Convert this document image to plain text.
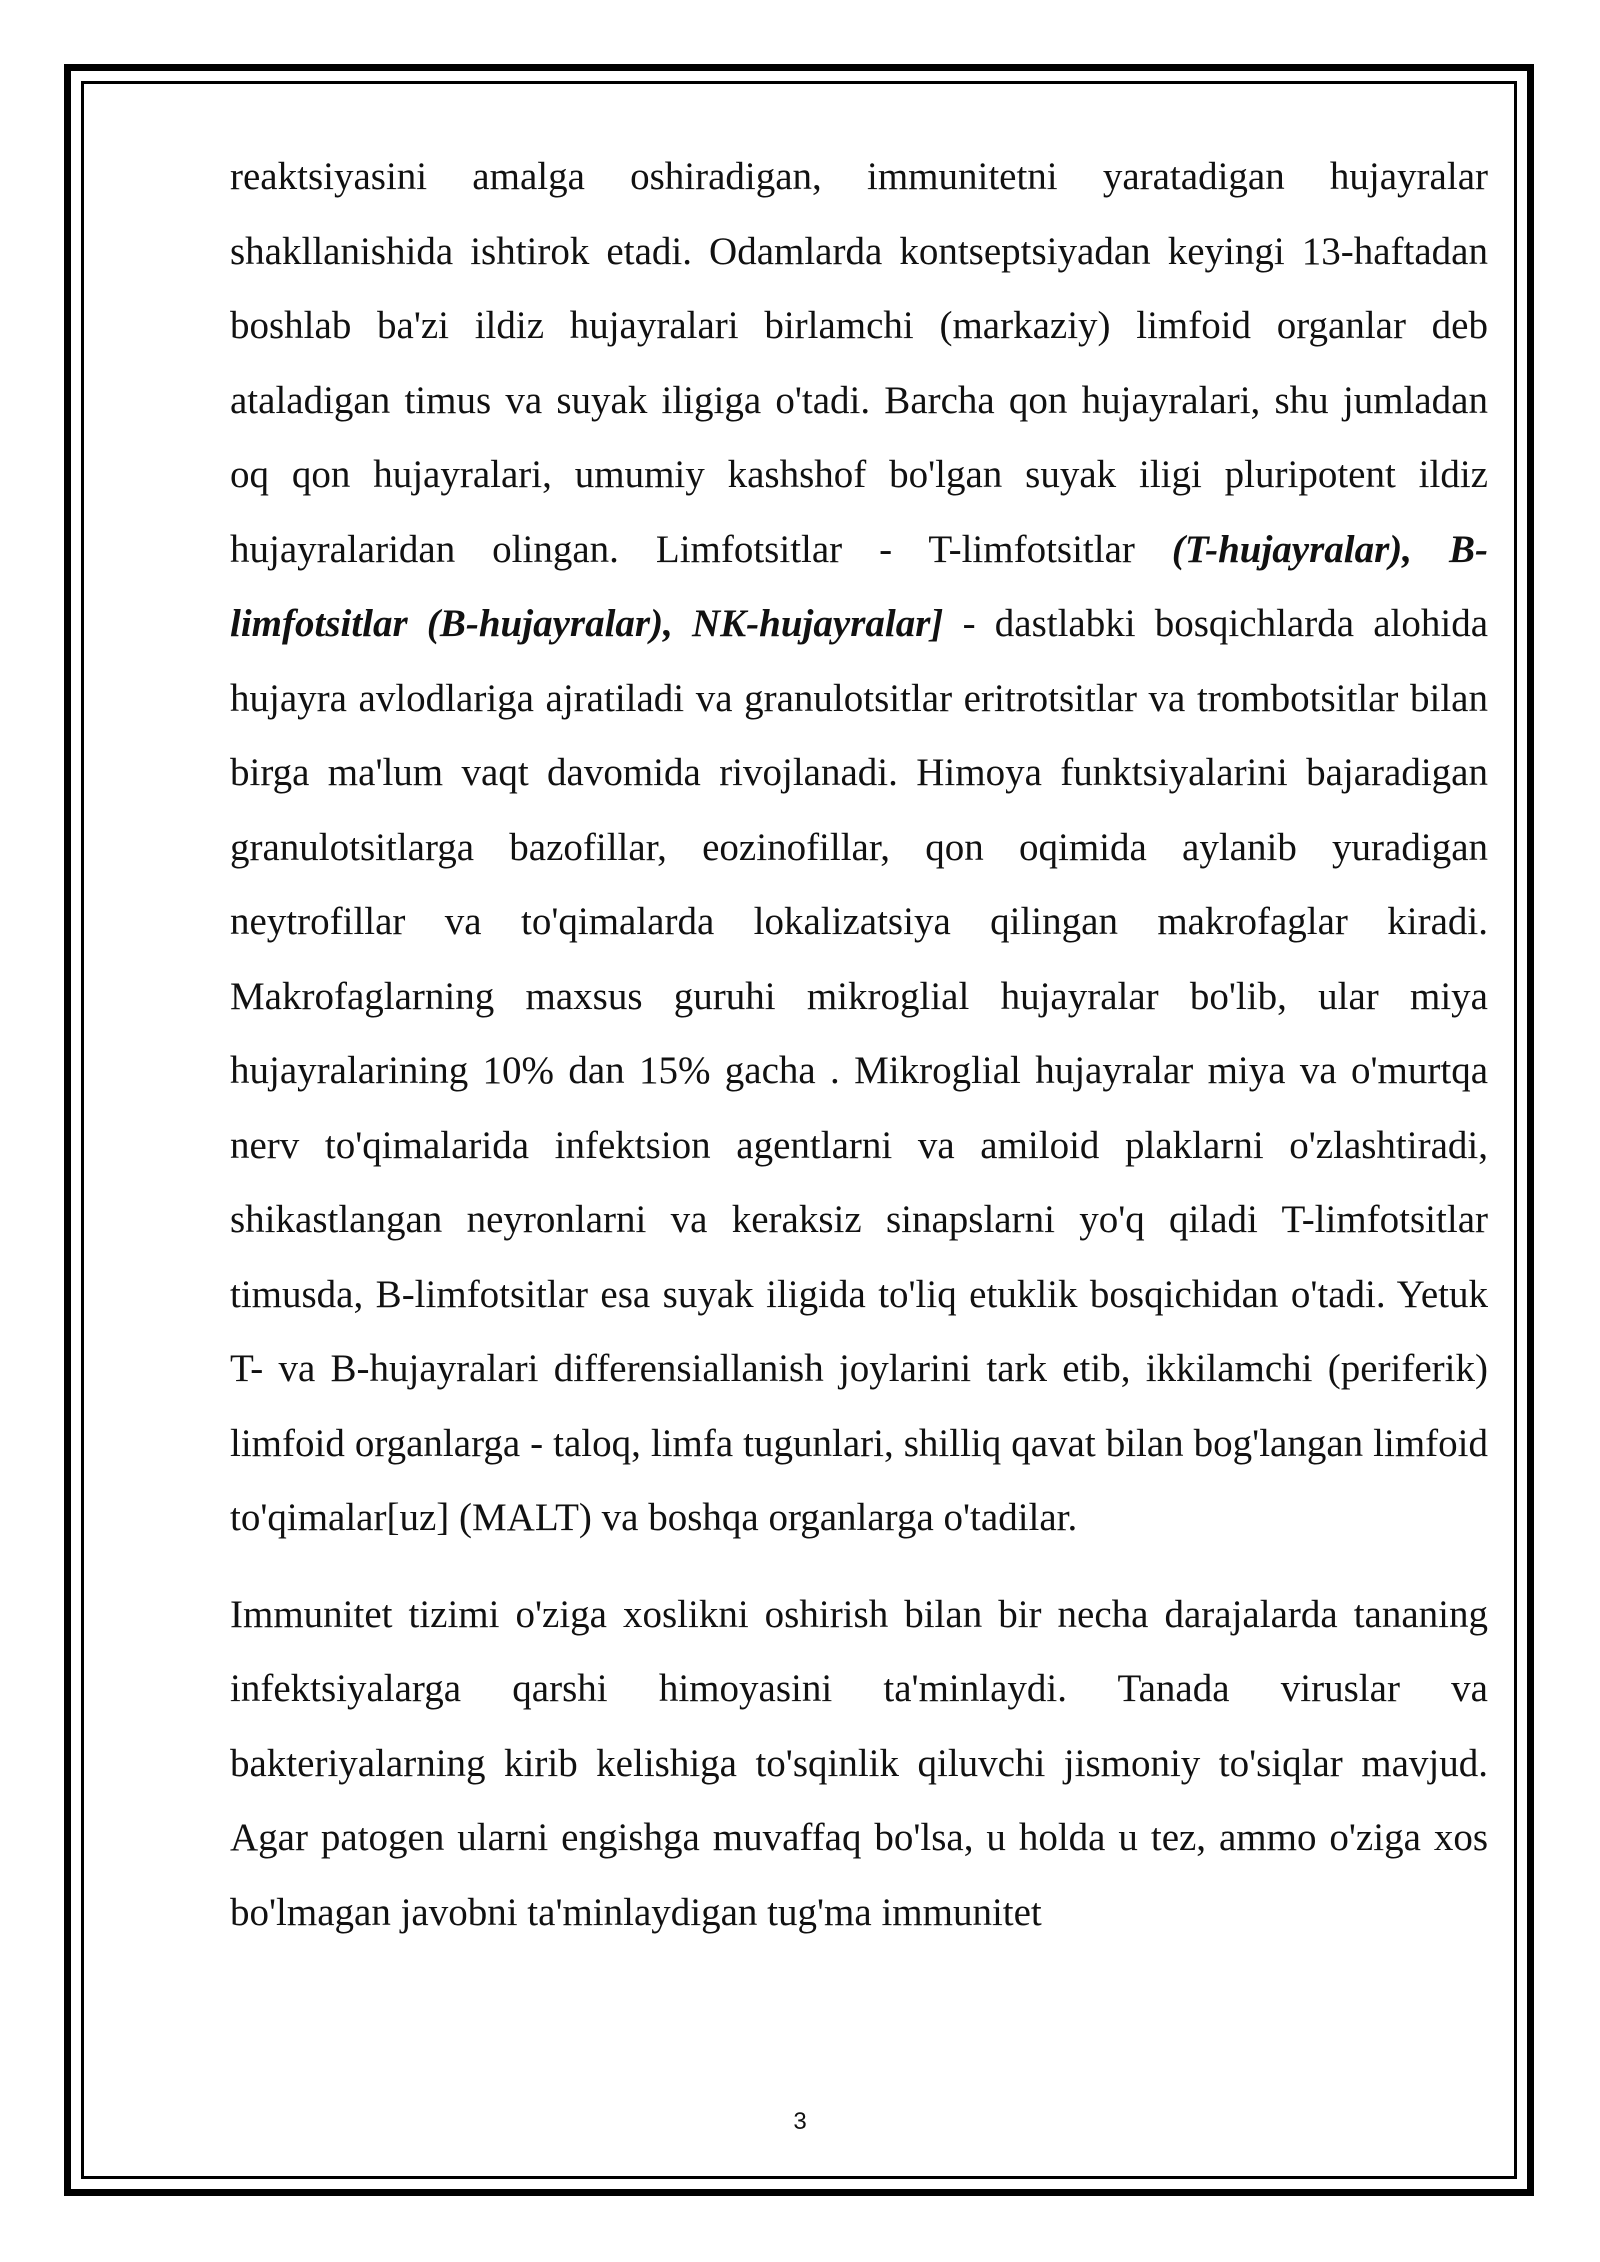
reaktsiyasini amalga oshiradigan, immunitetni yaratadigan hujayralar shakllanishida ishtirok etadi. Odamlarda kontseptsiyadan keyingi 13-haftadan boshlab ba'zi ildiz hujayralari birlamchi (markaziy) limfoid organlar deb ataladigan timus va suyak iligiga o'tadi. Barcha qon hujayralari, shu jumladan oq qon hujayralari, umumiy kashshof bo'lgan suyak iligi pluripotent ildiz hujayralaridan olingan. Limfotsitlar - T-limfotsitlar (T-hujayralar), B-limfotsitlar (B-hujayralar), NK-hujayralar] - dastlabki bosqichlarda alohida hujayra avlodlariga ajratiladi va granulotsitlar eritrotsitlar va trombotsitlar bilan birga ma'lum vaqt davomida rivojlanadi. Himoya funktsiyalarini bajaradigan granulotsitlarga bazofillar, eozinofillar, qon oqimida aylanib yuradigan neytrofillar va to'qimalarda lokalizatsiya qilingan makrofaglar kiradi. Makrofaglarning maxsus guruhi mikroglial hujayralar bo'lib, ular miya hujayralarining 10% dan 15% gacha . Mikroglial hujayralar miya va o'murtqa nerv to'qimalarida infektsion agentlarni va amiloid plaklarni o'zlashtiradi, shikastlangan neyronlarni va keraksiz sinapslarni yo'q qiladi T-limfotsitlar timusda, B-limfotsitlar esa suyak iligida to'liq etuklik bosqichidan o'tadi. Yetuk T- va B-hujayralari differensiallanish joylarini tark etib, ikkilamchi (periferik) limfoid organlarga - taloq, limfa tugunlari, shilliq qavat bilan bog'langan limfoid to'qimalar[uz] (MALT) va boshqa organlarga o'tadilar.

Immunitet tizimi o'ziga xoslikni oshirish bilan bir necha darajalarda tananing infektsiyalarga qarshi himoyasini ta'minlaydi. Tanada viruslar va bakteriyalarning kirib kelishiga to'sqinlik qiluvchi jismoniy to'siqlar mavjud. Agar patogen ularni engishga muvaffaq bo'lsa, u holda u tez, ammo o'ziga xos bo'lmagan javobni ta'minlaydigan tug'ma immunitet

3
